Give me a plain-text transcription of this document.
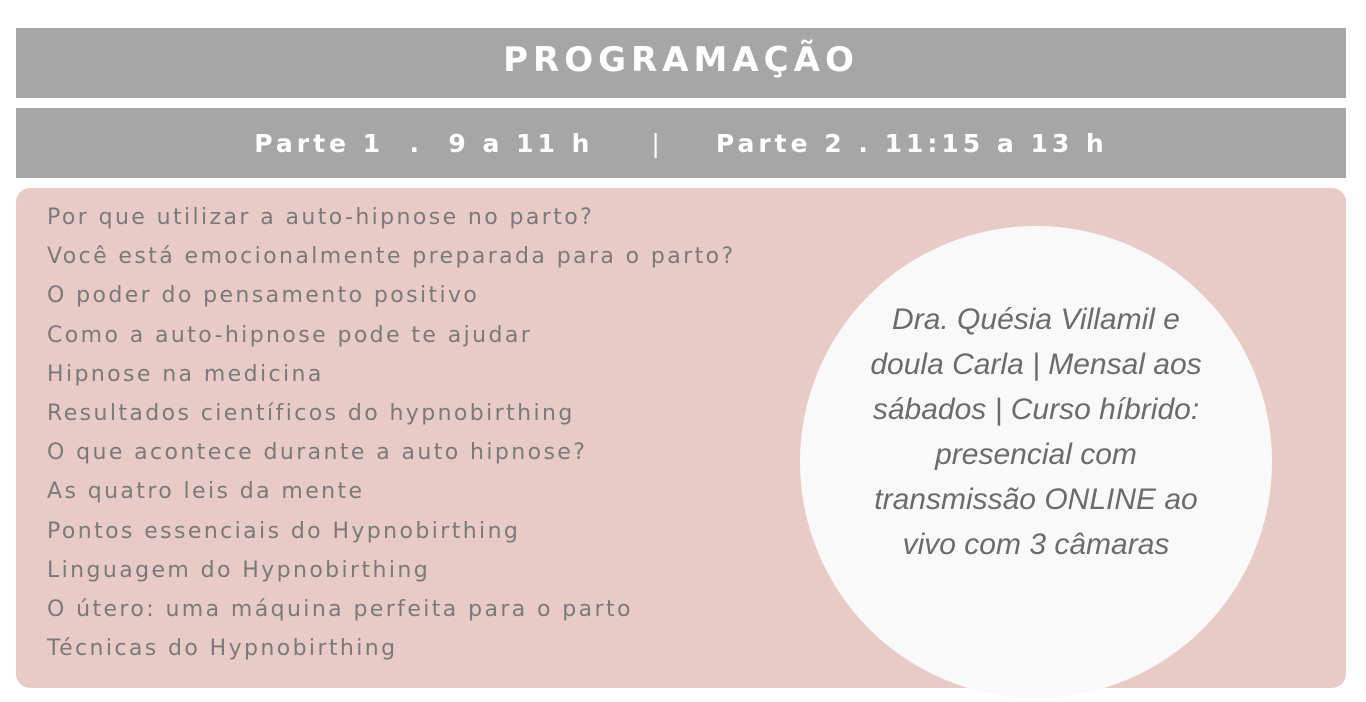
PROGRAMAÇÃO
Parte 1  .  9 a 11 h | Parte 2 . 11:15 a 13 h
Por que utilizar a auto-hipnose no parto?
Você está emocionalmente preparada para o parto?
O poder do pensamento positivo
Como a auto-hipnose pode te ajudar
Hipnose na medicina
Resultados científicos do hypnobirthing
O que acontece durante a auto hipnose?
As quatro leis da mente
Pontos essenciais do Hypnobirthing
Linguagem do Hypnobirthing
O útero: uma máquina perfeita para o parto
Técnicas do Hypnobirthing
Dra. Quésia Villamil e doula Carla | Mensal aos sábados | Curso híbrido: presencial com transmissão ONLINE ao vivo com 3 câmaras
